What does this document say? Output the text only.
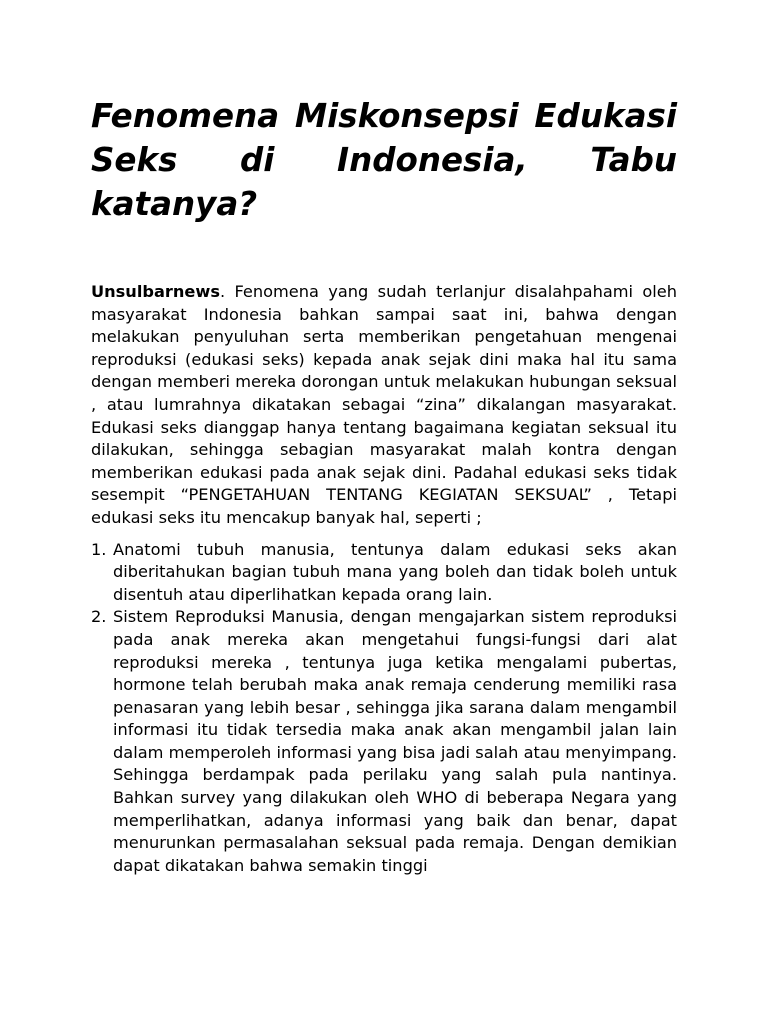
Fenomena Miskonsepsi Edukasi Seks di Indonesia, Tabu katanya?

Unsulbarnews. Fenomena yang sudah terlanjur disalahpahami oleh masyarakat Indonesia bahkan sampai saat ini, bahwa dengan melakukan penyuluhan serta memberikan pengetahuan mengenai reproduksi (edukasi seks) kepada anak sejak dini maka hal itu sama dengan memberi mereka dorongan untuk melakukan hubungan seksual , atau lumrahnya dikatakan sebagai “zina” dikalangan masyarakat. Edukasi seks dianggap hanya tentang bagaimana kegiatan seksual itu dilakukan, sehingga sebagian masyarakat malah kontra dengan memberikan edukasi pada anak sejak dini. Padahal edukasi seks tidak sesempit “PENGETAHUAN TENTANG KEGIATAN SEKSUAL” , Tetapi edukasi seks itu mencakup banyak hal, seperti ;

1. Anatomi tubuh manusia, tentunya dalam edukasi seks akan diberitahukan bagian tubuh mana yang boleh dan tidak boleh untuk disentuh atau diperlihatkan kepada orang lain.
2. Sistem Reproduksi Manusia, dengan mengajarkan sistem reproduksi pada anak mereka akan mengetahui fungsi-fungsi dari alat reproduksi mereka , tentunya juga ketika mengalami pubertas, hormone telah berubah maka anak remaja cenderung memiliki rasa penasaran yang lebih besar , sehingga jika sarana dalam mengambil informasi itu tidak tersedia maka anak akan mengambil jalan lain dalam memperoleh informasi yang bisa jadi salah atau menyimpang. Sehingga berdampak pada perilaku yang salah pula nantinya. Bahkan survey yang dilakukan oleh WHO di beberapa Negara yang memperlihatkan, adanya informasi yang baik dan benar, dapat menurunkan permasalahan seksual pada remaja. Dengan demikian dapat dikatakan bahwa semakin tinggi
